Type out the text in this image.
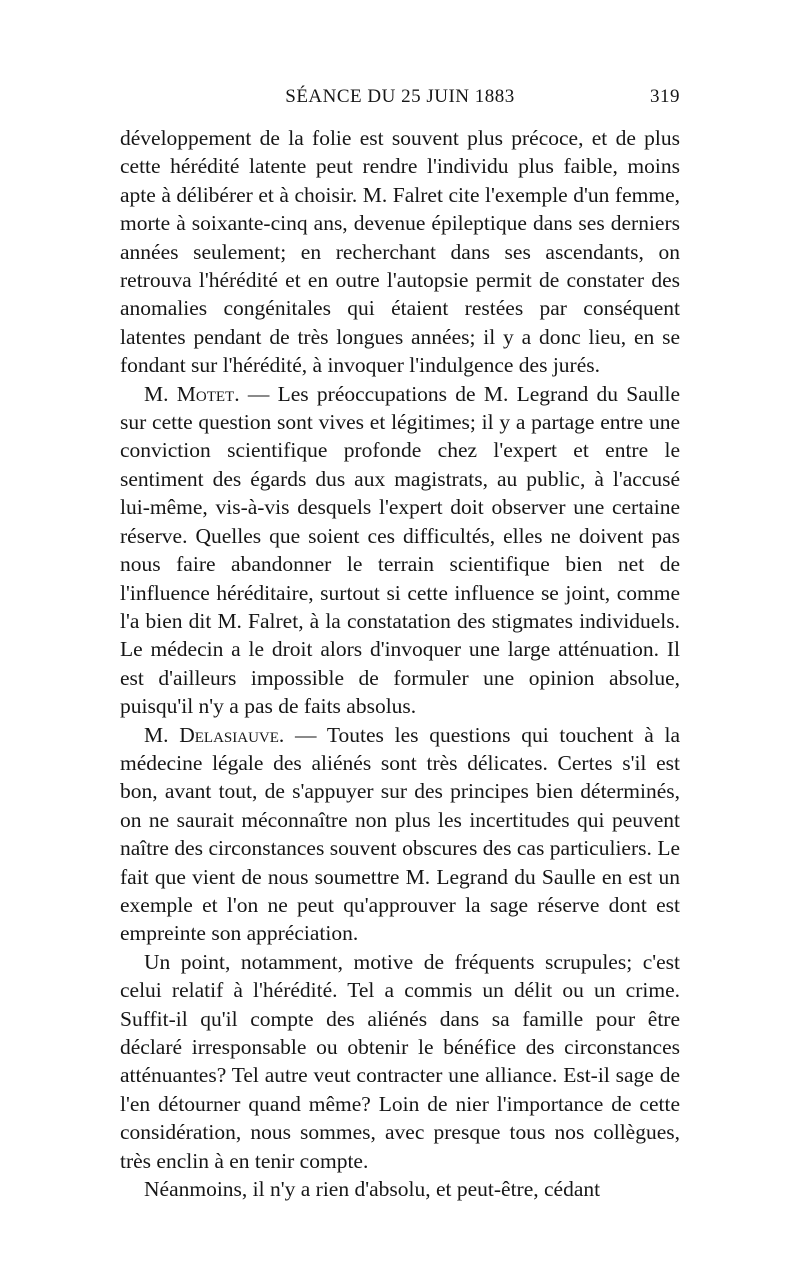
SÉANCE DU 25 JUIN 1883	319

développement de la folie est souvent plus précoce, et de plus cette hérédité latente peut rendre l'individu plus faible, moins apte à délibérer et à choisir. M. Falret cite l'exemple d'un femme, morte à soixante-cinq ans, devenue épileptique dans ses derniers années seulement; en recherchant dans ses ascendants, on retrouva l'hérédité et en outre l'autopsie permit de constater des anomalies congénitales qui étaient restées par conséquent latentes pendant de très longues années; il y a donc lieu, en se fondant sur l'hérédité, à invoquer l'indulgence des jurés.

M. Motet. — Les préoccupations de M. Legrand du Saulle sur cette question sont vives et légitimes; il y a partage entre une conviction scientifique profonde chez l'expert et entre le sentiment des égards dus aux magistrats, au public, à l'accusé lui-même, vis-à-vis desquels l'expert doit observer une certaine réserve. Quelles que soient ces difficultés, elles ne doivent pas nous faire abandonner le terrain scientifique bien net de l'influence héréditaire, surtout si cette influence se joint, comme l'a bien dit M. Falret, à la constatation des stigmates individuels. Le médecin a le droit alors d'invoquer une large atténuation. Il est d'ailleurs impossible de formuler une opinion absolue, puisqu'il n'y a pas de faits absolus.

M. Delasiauve. — Toutes les questions qui touchent à la médecine légale des aliénés sont très délicates. Certes s'il est bon, avant tout, de s'appuyer sur des principes bien déterminés, on ne saurait méconnaître non plus les incertitudes qui peuvent naître des circonstances souvent obscures des cas particuliers. Le fait que vient de nous soumettre M. Legrand du Saulle en est un exemple et l'on ne peut qu'approuver la sage réserve dont est empreinte son appréciation.

Un point, notamment, motive de fréquents scrupules; c'est celui relatif à l'hérédité. Tel a commis un délit ou un crime. Suffit-il qu'il compte des aliénés dans sa famille pour être déclaré irresponsable ou obtenir le bénéfice des circonstances atténuantes? Tel autre veut contracter une alliance. Est-il sage de l'en détourner quand même? Loin de nier l'importance de cette considération, nous sommes, avec presque tous nos collègues, très enclin à en tenir compte.

Néanmoins, il n'y a rien d'absolu, et peut-être, cédant
